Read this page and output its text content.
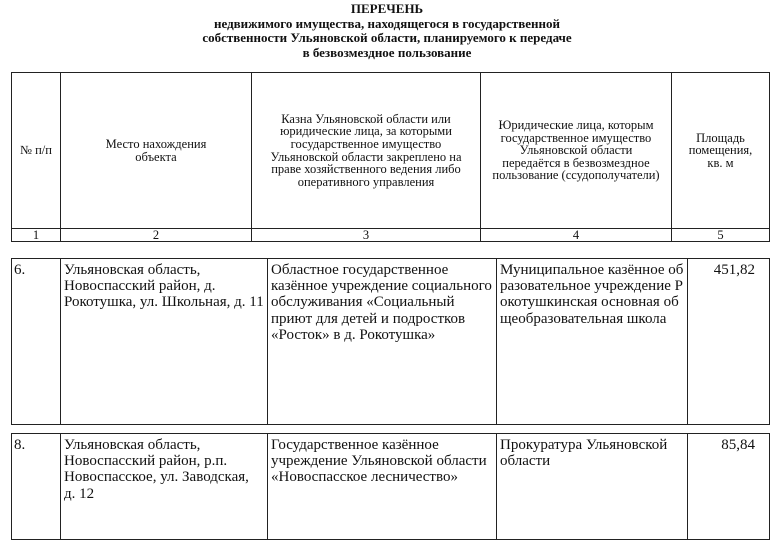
ПЕРЕЧЕНЬ
недвижимого имущества, находящегося в государственной
собственности Ульяновской области, планируемого к передаче
в безвозмездное пользование
№ п/п	Место нахождения объекта	Казна Ульяновской области или юридические лица, за которыми государственное имущество Ульяновской области закреплено на праве хозяйственного ведения либо оперативного управления	Юридические лица, которым государственное имущество Ульяновской области передаётся в безвозмездное пользование (ссудополучатели)	Площадь помещения, кв. м

1	2	3	4	5
6.	Ульяновская область, Новоспасский район, д. Рокотушка, ул. Школьная, д. 11	Областное государственное казённое учреждение социального обслуживания «Социальный приют для детей и подростков «Росток» в д. Рокотушка»	Муниципальное казённое образовательное учреждение Рокотушкинская основная общеобразовательная школа	451,82
8.	Ульяновская область, Новоспасский район, р.п. Новоспасское, ул. Заводская, д. 12	Государственное казённое учреждение Ульяновской области «Новоспасское лесничество»	Прокуратура Ульяновской области	85,84
